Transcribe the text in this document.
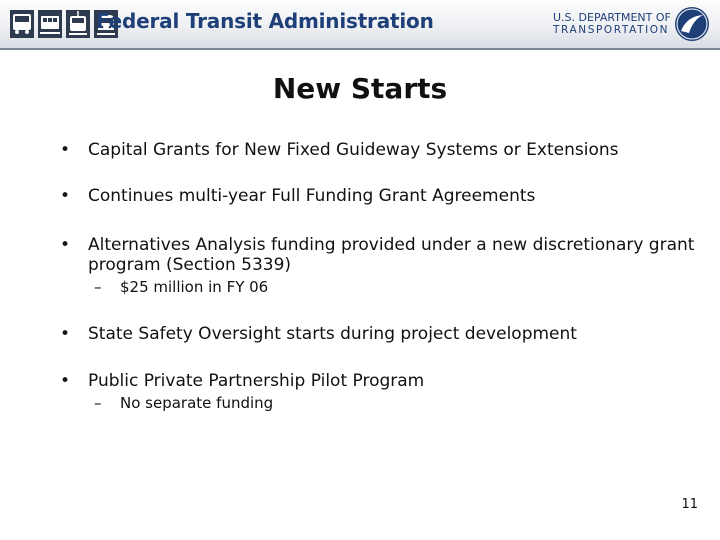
Federal Transit Administration	U.S. DEPARTMENT OF
TRANSPORTATION
New Starts
• Capital Grants for New Fixed Guideway Systems or Extensions
• Continues multi-year Full Funding Grant Agreements
• Alternatives Analysis funding provided under a new discretionary grant program (Section 5339)
– $25 million in FY 06
• State Safety Oversight starts during project development
• Public Private Partnership Pilot Program
– No separate funding
11
